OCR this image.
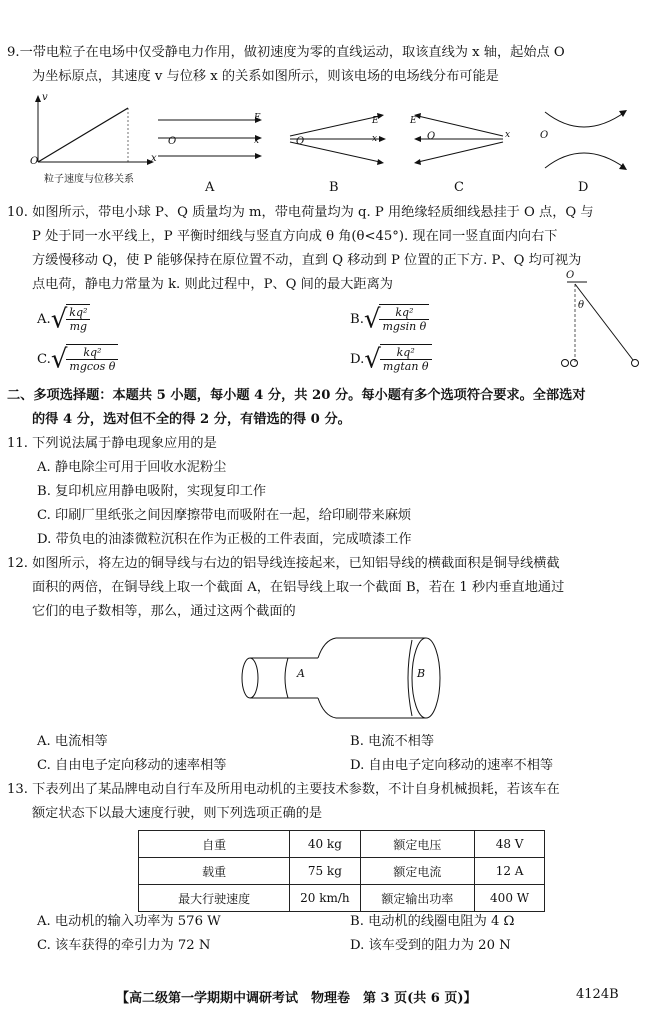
9.一带电粒子在电场中仅受静电力作用，做初速度为零的直线运动，取该直线为 x 轴，起始点 O
为坐标原点，其速度 v 与位移 x 的关系如图所示，则该电场的电场线分布可能是
v
x
O
粒子速度与位移关系
E
O	x
E
O	x
E
O	x	O
A	B	C	D
10. 如图所示，带电小球 P、Q 质量均为 m，带电荷量均为 q. P 用绝缘轻质细线悬挂于 O 点，Q 与
P 处于同一水平线上，P 平衡时细线与竖直方向成 θ 角(θ<45°). 现在同一竖直面内向右下
方缓慢移动 Q，使 P 能够保持在原位置不动，直到 Q 移动到 P 位置的正下方. P、Q 均可视为
点电荷，静电力常量为 k. 则此过程中，P、Q 间的最大距离为
O
θ
$A.√ \frac{\text{kq²}}{mg}$	$B.√ \frac{\text{kq²}}{\text{mgsin θ}}$
$C.√ \frac{\text{kq²}}{\text{mgcos θ}}$	$D.√ \frac{\text{kq²}}{\text{mgtan θ}}$
二、多项选择题：本题共 5 小题，每小题 4 分，共 20 分。每小题有多个选项符合要求。全部选对
的得 4 分，选对但不全的得 2 分，有错选的得 0 分。
11. 下列说法属于静电现象应用的是
A. 静电除尘可用于回收水泥粉尘
B. 复印机应用静电吸附，实现复印工作
C. 印刷厂里纸张之间因摩擦带电而吸附在一起，给印刷带来麻烦
D. 带负电的油漆微粒沉积在作为正极的工件表面，完成喷漆工作
12. 如图所示，将左边的铜导线与右边的铝导线连接起来，已知铝导线的横截面积是铜导线横截
面积的两倍，在铜导线上取一个截面 A，在铝导线上取一个截面 B，若在 1 秒内垂直地通过
它们的电子数相等，那么，通过这两个截面的
A	B
A. 电流相等	B. 电流不相等
C. 自由电子定向移动的速率相等	D. 自由电子定向移动的速率不相等
13. 下表列出了某品牌电动自行车及所用电动机的主要技术参数，不计自身机械损耗，若该车在
额定状态下以最大速度行驶，则下列选项正确的是
自重	40 kg	额定电压	48 V
载重	75 kg	额定电流	12 A
最大行驶速度	20 km/h	额定输出功率	400 W
A. 电动机的输入功率为 576 W	B. 电动机的线圈电阻为 4 Ω
C. 该车获得的牵引力为 72 N	D. 该车受到的阻力为 20 N
【高二级第一学期期中调研考试　物理卷　第 3 页(共 6 页)】	4124B
